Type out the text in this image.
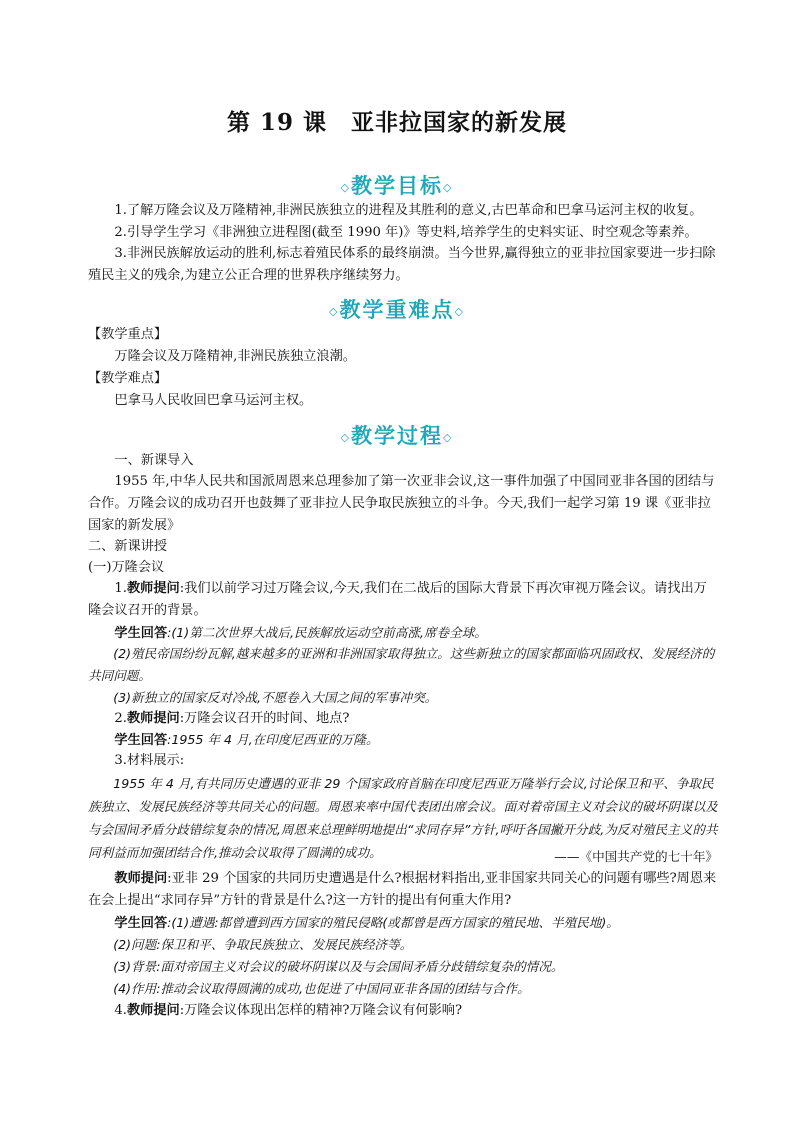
第 19 课　亚非拉国家的新发展
◇教学目标◇

1.了解万隆会议及万隆精神,非洲民族独立的进程及其胜利的意义,古巴革命和巴拿马运河主权的收复。

2.引导学生学习《非洲独立进程图(截至 1990 年)》等史料,培养学生的史料实证、时空观念等素养。

3.非洲民族解放运动的胜利,标志着殖民体系的最终崩溃。当今世界,赢得独立的亚非拉国家要进一步扫除殖民主义的残余,为建立公正合理的世界秩序继续努力。

◇教学重难点◇

【教学重点】

万隆会议及万隆精神,非洲民族独立浪潮。

【教学难点】

巴拿马人民收回巴拿马运河主权。

◇教学过程◇

一、新课导入

1955 年,中华人民共和国派周恩来总理参加了第一次亚非会议,这一事件加强了中国同亚非各国的团结与合作。万隆会议的成功召开也鼓舞了亚非拉人民争取民族独立的斗争。今天,我们一起学习第 19 课《亚非拉国家的新发展》

二、新课讲授

(一)万隆会议

1.教师提问:我们以前学习过万隆会议,今天,我们在二战后的国际大背景下再次审视万隆会议。请找出万隆会议召开的背景。

学生回答:(1)第二次世界大战后,民族解放运动空前高涨,席卷全球。

(2)殖民帝国纷纷瓦解,越来越多的亚洲和非洲国家取得独立。这些新独立的国家都面临巩固政权、发展经济的共同问题。

(3)新独立的国家反对冷战,不愿卷入大国之间的军事冲突。

2.教师提问:万隆会议召开的时间、地点?

学生回答:1955 年 4 月,在印度尼西亚的万隆。

3.材料展示:

1955 年 4 月,有共同历史遭遇的亚非 29 个国家政府首脑在印度尼西亚万隆举行会议,讨论保卫和平、争取民族独立、发展民族经济等共同关心的问题。周恩来率中国代表团出席会议。面对着帝国主义对会议的破坏阴谋以及与会国间矛盾分歧错综复杂的情况,周恩来总理鲜明地提出“求同存异”方针,呼吁各国撇开分歧,为反对殖民主义的共同利益而加强团结合作,推动会议取得了圆满的成功。	——《中国共产党的七十年》

教师提问:亚非 29 个国家的共同历史遭遇是什么?根据材料指出,亚非国家共同关心的问题有哪些?周恩来在会上提出“求同存异”方针的背景是什么?这一方针的提出有何重大作用?

学生回答:(1)遭遇:都曾遭到西方国家的殖民侵略(或都曾是西方国家的殖民地、半殖民地)。

(2)问题:保卫和平、争取民族独立、发展民族经济等。

(3)背景:面对帝国主义对会议的破坏阴谋以及与会国间矛盾分歧错综复杂的情况。

(4)作用:推动会议取得圆满的成功,也促进了中国同亚非各国的团结与合作。

4.教师提问:万隆会议体现出怎样的精神?万隆会议有何影响?
